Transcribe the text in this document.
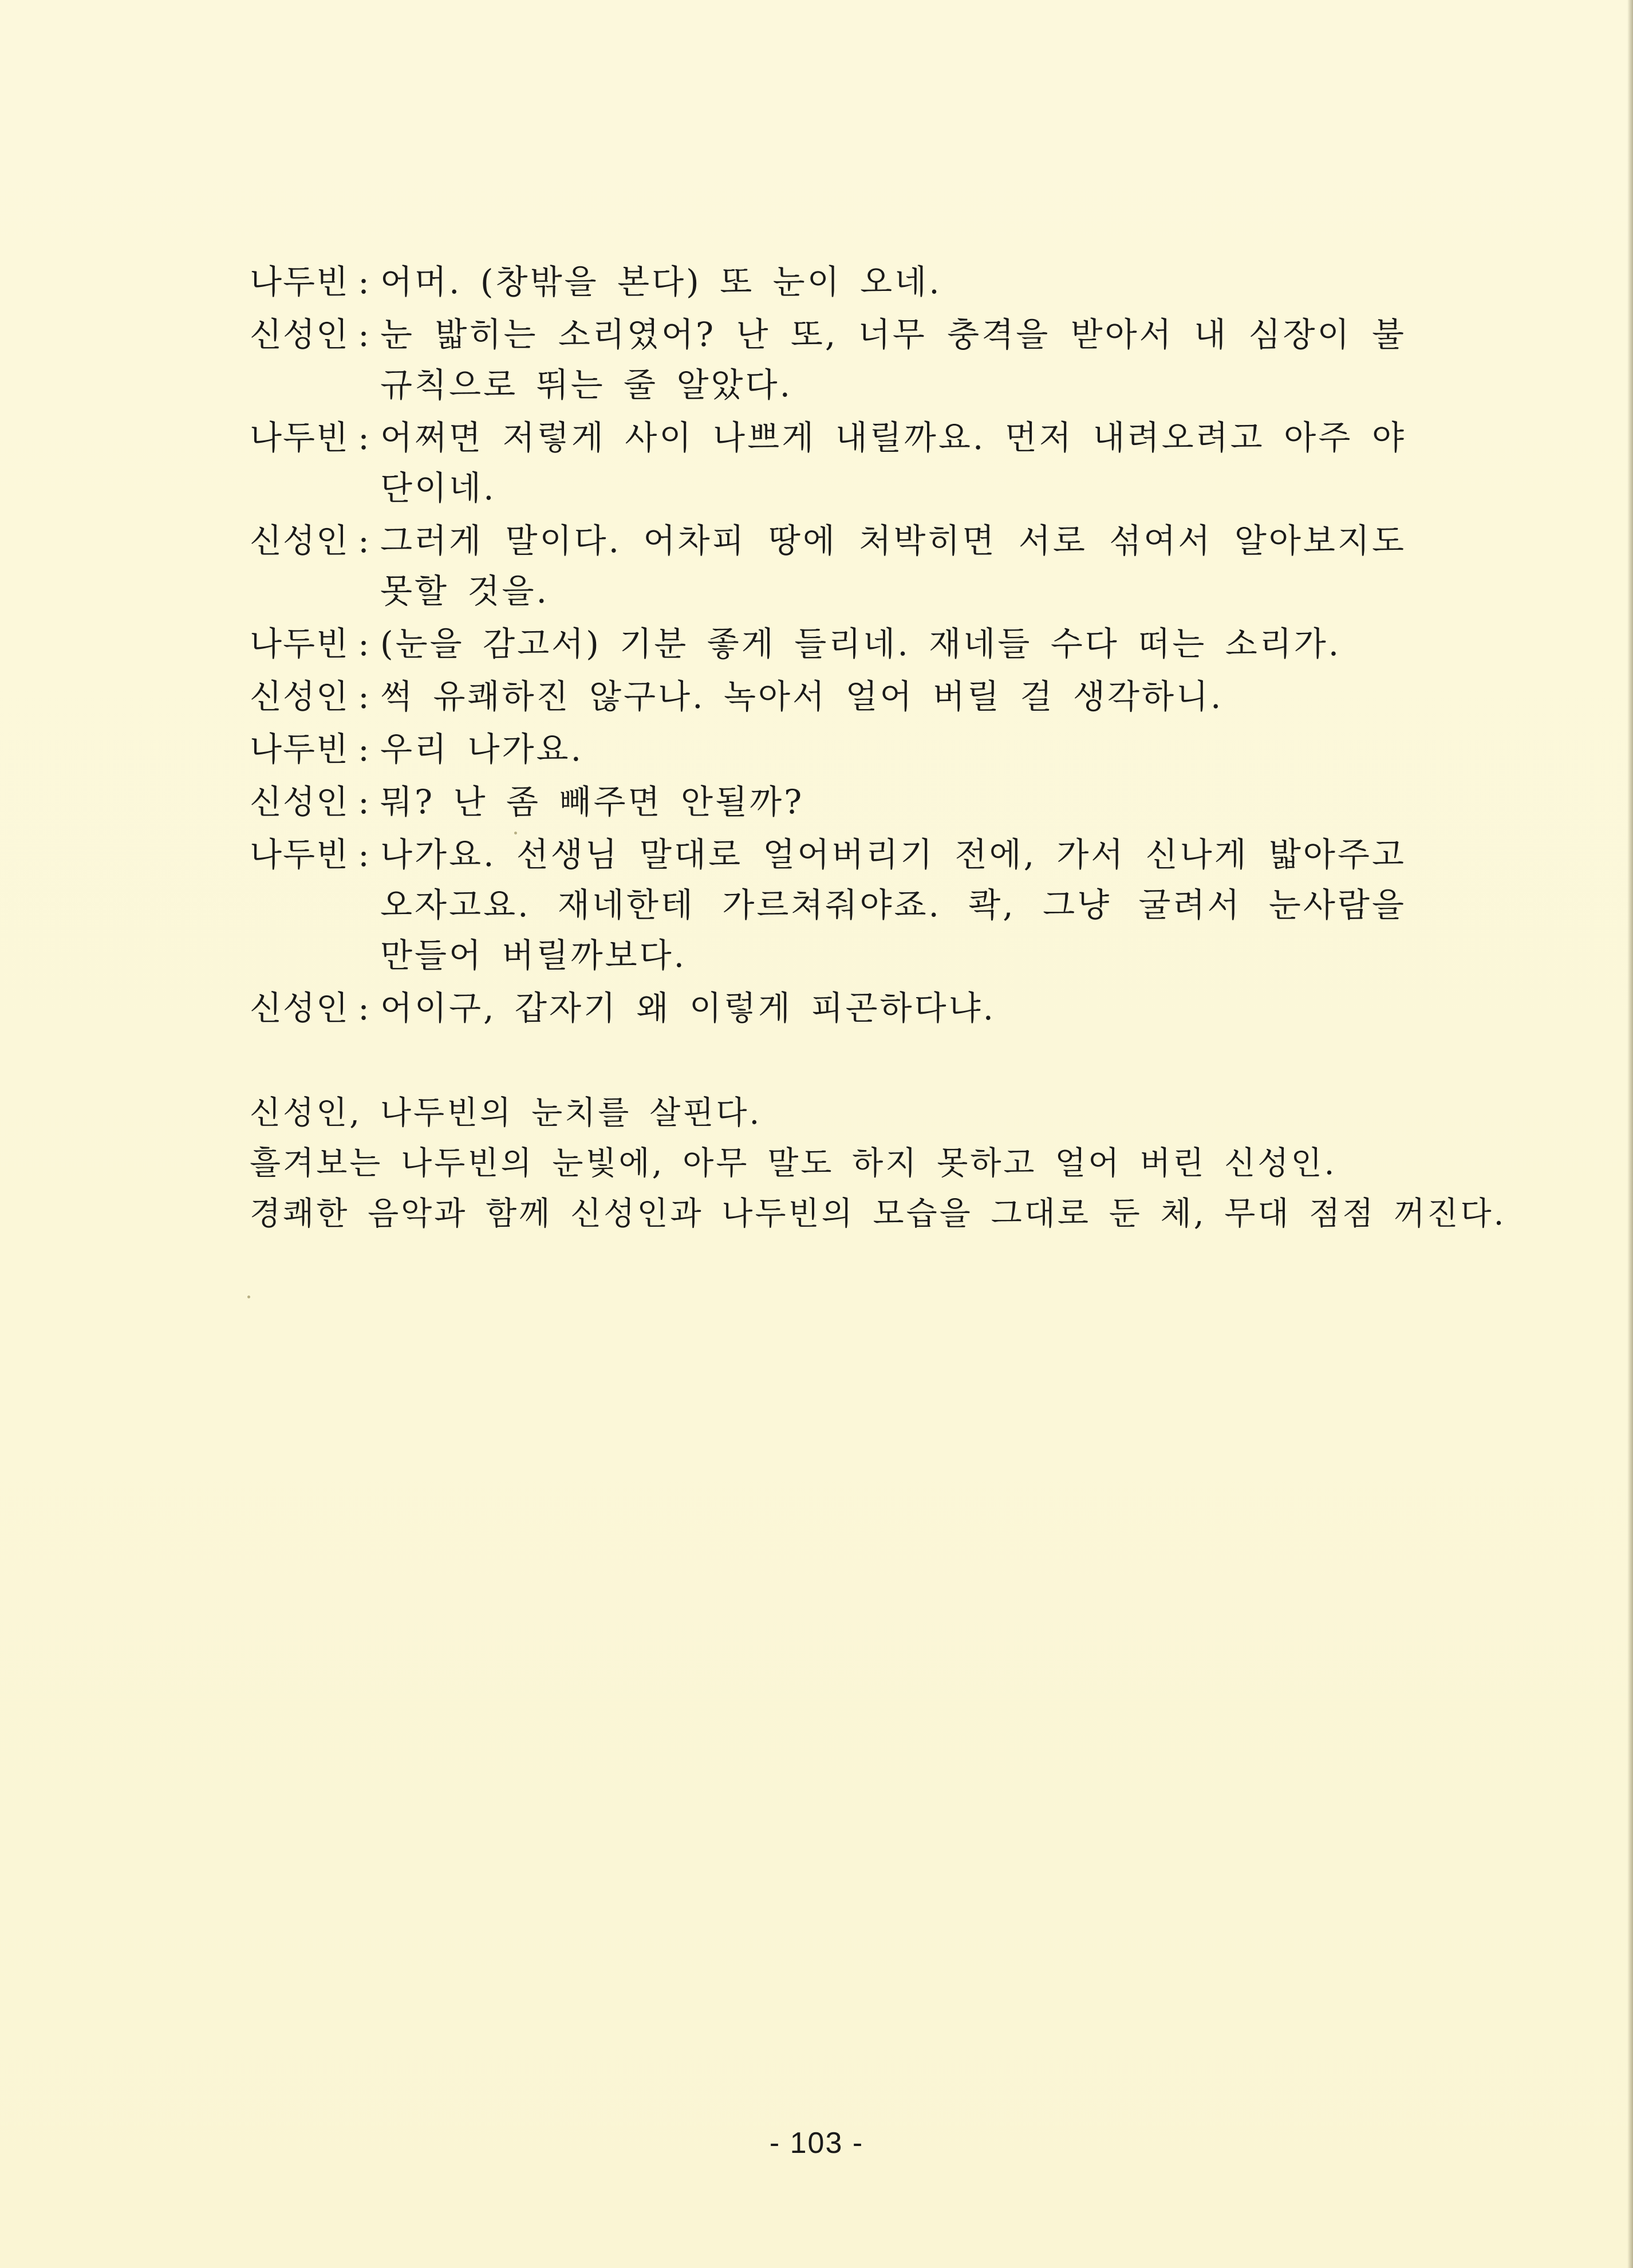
나두빈 : 어머. (창밖을 본다) 또 눈이 오네.
신성인 : 눈 밟히는 소리였어? 난 또, 너무 충격을 받아서 내 심장이 불규칙으로 뛰는 줄 알았다.
나두빈 : 어쩌면 저렇게 사이 나쁘게 내릴까요. 먼저 내려오려고 아주 야단이네.
신성인 : 그러게 말이다. 어차피 땅에 처박히면 서로 섞여서 알아보지도 못할 것을.
나두빈 : (눈을 감고서) 기분 좋게 들리네. 재네들 수다 떠는 소리가.
신성인 : 썩 유쾌하진 않구나. 녹아서 얼어 버릴 걸 생각하니.
나두빈 : 우리 나가요.
신성인 : 뭐? 난 좀 빼주면 안될까?
나두빈 : 나가요. 선생님 말대로 얼어버리기 전에, 가서 신나게 밟아주고 오자고요. 재네한테 가르쳐줘야죠. 콱, 그냥 굴려서 눈사람을 만들어 버릴까보다.
신성인 : 어이구, 갑자기 왜 이렇게 피곤하다냐.
신성인, 나두빈의 눈치를 살핀다.
흘겨보는 나두빈의 눈빛에, 아무 말도 하지 못하고 얼어 버린 신성인.
경쾌한 음악과 함께 신성인과 나두빈의 모습을 그대로 둔 체, 무대 점점 꺼진다.
- 103 -
